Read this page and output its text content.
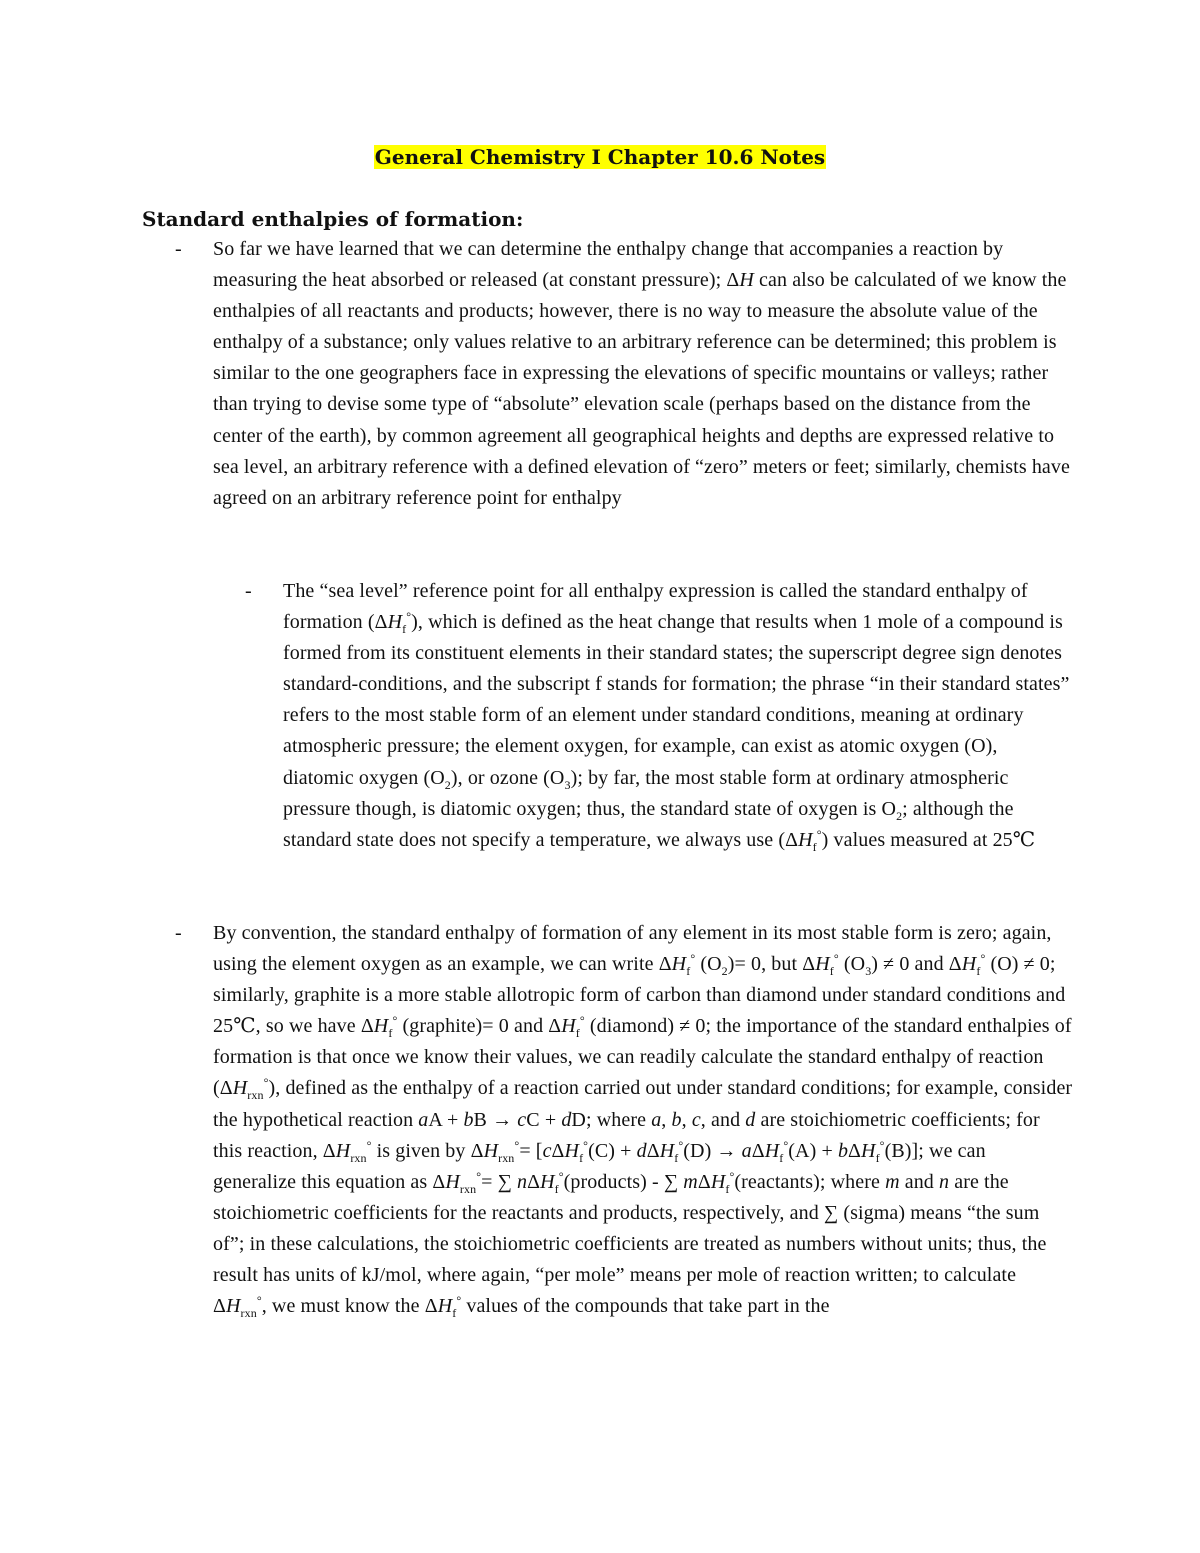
General Chemistry I Chapter 10.6 Notes
Standard enthalpies of formation:
- So far we have learned that we can determine the enthalpy change that accompanies a reaction by measuring the heat absorbed or released (at constant pressure); ΔH can also be calculated of we know the enthalpies of all reactants and products; however, there is no way to measure the absolute value of the enthalpy of a substance; only values relative to an arbitrary reference can be determined; this problem is similar to the one geographers face in expressing the elevations of specific mountains or valleys; rather than trying to devise some type of “absolute” elevation scale (perhaps based on the distance from the center of the earth), by common agreement all geographical heights and depths are expressed relative to sea level, an arbitrary reference with a defined elevation of “zero” meters or feet; similarly, chemists have agreed on an arbitrary reference point for enthalpy
- The “sea level” reference point for all enthalpy expression is called the standard enthalpy of formation $(\Delta H_f^\circ)$, which is defined as the heat change that results when 1 mole of a compound is formed from its constituent elements in their standard states; the superscript degree sign denotes standard-conditions, and the subscript f stands for formation; the phrase “in their standard states” refers to the most stable form of an element under standard conditions, meaning at ordinary atmospheric pressure; the element oxygen, for example, can exist as atomic oxygen (O), diatomic oxygen $(O_2)$, or ozone $(O_3)$; by far, the most stable form at ordinary atmospheric pressure though, is diatomic oxygen; thus, the standard state of oxygen is $O_2$; although the standard state does not specify a temperature, we always use $(\Delta H_f^\circ)$ values measured at 25℃
- By convention, the standard enthalpy of formation of any element in its most stable form is zero; again, using the element oxygen as an example, we can write $\Delta H_f^\circ$ $(O_2)= 0$, but $\Delta H_f^\circ$ $(O_3) \ne 0$ and $\Delta H_f^\circ$ (O) ≠ 0; similarly, graphite is a more stable allotropic form of carbon than diamond under standard conditions and 25℃, so we have $\Delta H_f^\circ$ (graphite)= 0 and $\Delta H_f^\circ$ (diamond) ≠ 0; the importance of the standard enthalpies of formation is that once we know their values, we can readily calculate the standard enthalpy of reaction $(\Delta H_{rxn}^\circ)$, defined as the enthalpy of a reaction carried out under standard conditions; for example, consider the hypothetical reaction aA + bB → cC + dD; where a, b, c, and d are stoichiometric coefficients; for this reaction, $\Delta H_{rxn}^\circ$ is given by $\Delta H_{rxn}^\circ= [c\Delta H_f^\circ(C) + d\Delta H_f^\circ(D) \to a\Delta H_f^\circ(A) + b\Delta H_f^\circ(B)]$; we can generalize this equation as $\Delta H_{rxn}^\circ=$ ∑ nΔH$_f$°(products) - ∑ mΔH$_f$°(reactants); where m and n are the stoichiometric coefficients for the reactants and products, respectively, and ∑ (sigma) means “the sum of”; in these calculations, the stoichiometric coefficients are treated as numbers without units; thus, the result has units of kJ/mol, where again, “per mole” means per mole of reaction written; to calculate $\Delta H_{rxn}^\circ$, we must know the $\Delta H_f^\circ$ values of the compounds that take part in the
